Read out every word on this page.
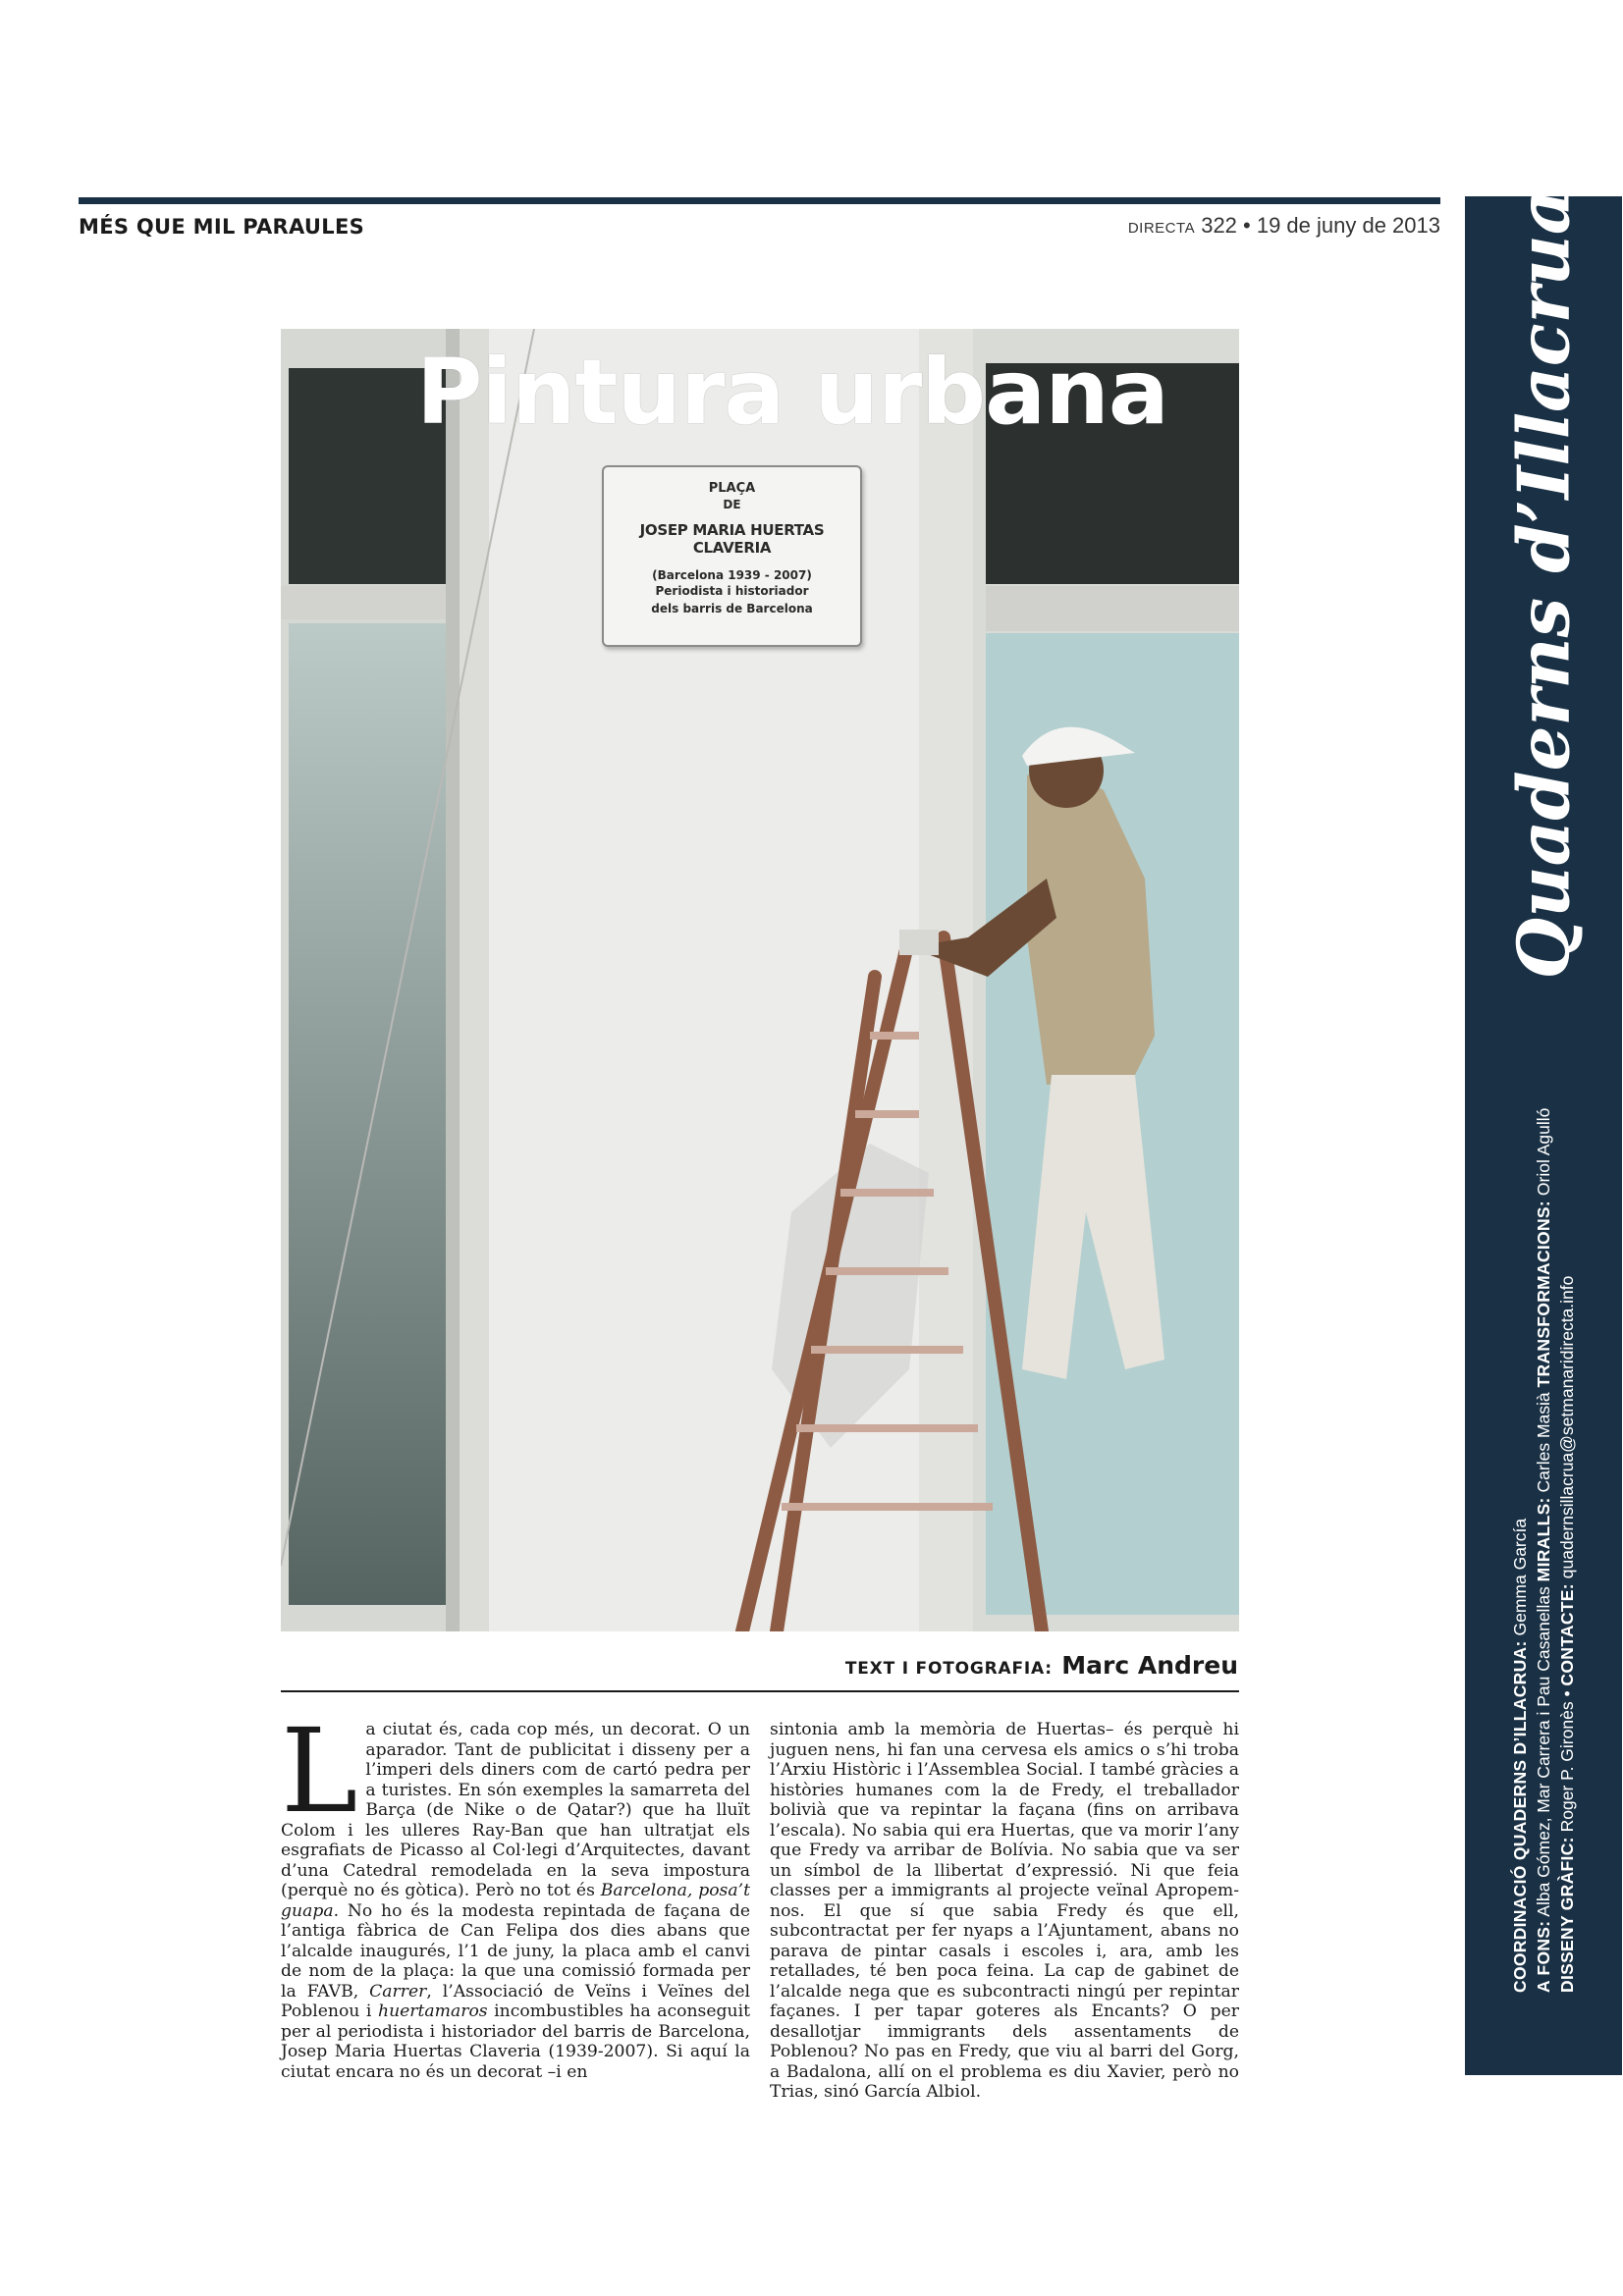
MÉS QUE MIL PARAULES	DIRECTA 322 • 19 de juny de 2013 Quaderns d’Illacrua
COORDINACIÓ QUADERNS D’ILLACRUA: Gemma García
A FONS: Alba Gómez, Mar Carrera i Pau Casanellas MIRALLS: Carles Masià TRANSFORMACIONS: Oriol Agulló
DISSENY GRÀFIC: Roger P. Gironès • CONTACTE: quadernsillacrua@setmanaridirecta.info
PLAÇA
DE
JOSEP MARIA HUERTAS CLAVERIA
(Barcelona 1939 - 2007)
Periodista i historiador
dels barris de Barcelona
Pintura urbana
TEXT I FOTOGRAFIA: Marc Andreu
La ciutat és, cada cop més, un decorat. O un aparador. Tant de publicitat i disseny per a l’imperi dels diners com de cartó pedra per a turistes. En són exemples la samarreta del Barça (de Nike o de Qatar?) que ha lluït Colom i les ulleres Ray-Ban que han ultratjat els esgrafiats de Picasso al Col·legi d’Arquitectes, davant d’una Catedral remodelada en la seva impostura (perquè no és gòtica). Però no tot és Barcelona, posa’t guapa. No ho és la modesta repintada de façana de l’antiga fàbrica de Can Felipa dos dies abans que l’alcalde inaugurés, l’1 de juny, la placa amb el canvi de nom de la plaça: la que una comissió formada per la FAVB, Carrer, l’Associació de Veïns i Veïnes del Poblenou i huertamaros incombustibles ha aconseguit per al periodista i historiador del barris de Barcelona, Josep Maria Huertas Claveria (1939-2007). Si aquí la ciutat encara no és un decorat –i en
sintonia amb la memòria de Huertas– és perquè hi juguen nens, hi fan una cervesa els amics o s’hi troba l’Arxiu Històric i l’Assemblea Social. I també gràcies a històries humanes com la de Fredy, el treballador bolivià que va repintar la façana (fins on arribava l’escala). No sabia qui era Huertas, que va morir l’any que Fredy va arribar de Bolívia. No sabia que va ser un símbol de la llibertat d’expressió. Ni que feia classes per a immigrants al projecte veïnal Apropem-nos. El que sí que sabia Fredy és que ell, subcontractat per fer nyaps a l’Ajuntament, abans no parava de pintar casals i escoles i, ara, amb les retallades, té ben poca feina. La cap de gabinet de l’alcalde nega que es subcontracti ningú per repintar façanes. I per tapar goteres als Encants? O per desallotjar immigrants dels assentaments de Poblenou? No pas en Fredy, que viu al barri del Gorg, a Badalona, allí on el problema es diu Xavier, però no Trias, sinó García Albiol.
